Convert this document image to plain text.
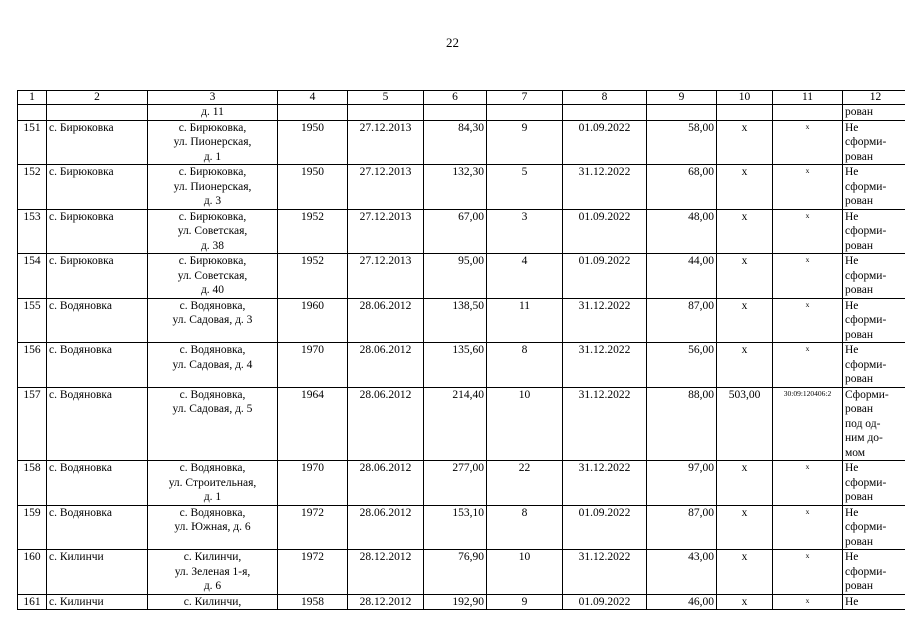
22
1	2	3	4	5	6	7	8	9	10	11	12
		д. 11									рован
151	с. Бирюковка	с. Бирюковка,
ул. Пионерская,
д. 1	1950	27.12.2013	84,30	9	01.09.2022	58,00	х	х	Не
сформи-
рован
152	с. Бирюковка	с. Бирюковка,
ул. Пионерская,
д. 3	1950	27.12.2013	132,30	5	31.12.2022	68,00	х	х	Не
сформи-
рован
153	с. Бирюковка	с. Бирюковка,
ул. Советская,
д. 38	1952	27.12.2013	67,00	3	01.09.2022	48,00	х	х	Не
сформи-
рован
154	с. Бирюковка	с. Бирюковка,
ул. Советская,
д. 40	1952	27.12.2013	95,00	4	01.09.2022	44,00	х	х	Не
сформи-
рован
155	с. Водяновка	с. Водяновка,
ул. Садовая, д. 3	1960	28.06.2012	138,50	11	31.12.2022	87,00	х	х	Не
сформи-
рован
156	с. Водяновка	с. Водяновка,
ул. Садовая, д. 4	1970	28.06.2012	135,60	8	31.12.2022	56,00	х	х	Не
сформи-
рован
157	с. Водяновка	с. Водяновка,
ул. Садовая, д. 5	1964	28.06.2012	214,40	10	31.12.2022	88,00	503,00	30:09:120406:2	Сформи-
рован
под од-
ним до-
мом
158	с. Водяновка	с. Водяновка,
ул. Строительная,
д. 1	1970	28.06.2012	277,00	22	31.12.2022	97,00	х	х	Не
сформи-
рован
159	с. Водяновка	с. Водяновка,
ул. Южная, д. 6	1972	28.06.2012	153,10	8	01.09.2022	87,00	х	х	Не
сформи-
рован
160	с. Килинчи	с. Килинчи,
ул. Зеленая 1-я,
д. 6	1972	28.12.2012	76,90	10	31.12.2022	43,00	х	х	Не
сформи-
рован
161	с. Килинчи	с. Килинчи,	1958	28.12.2012	192,90	9	01.09.2022	46,00	х	х	Не
